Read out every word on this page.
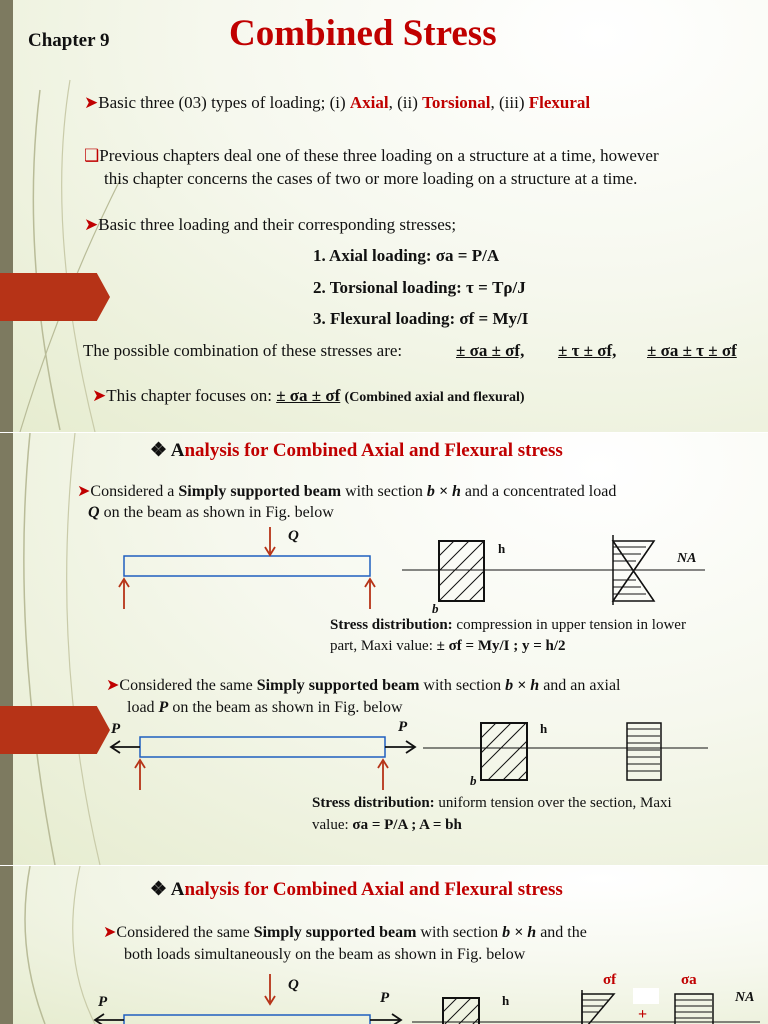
Chapter 9	Combined Stress
➤Basic three (03) types of loading; (i) Axial, (ii) Torsional, (iii) Flexural
❑Previous chapters deal one of these three loading on a structure at a time, however
this chapter concerns the cases of two or more loading on a structure at a time.
➤Basic three loading and their corresponding stresses;
1. Axial loading: σa = P/A
2. Torsional loading: τ = Tρ/J
3. Flexural loading: σf = My/I
The possible combination of these stresses are:	± σa ± σf, ± τ ± σf, ± σa ± τ ± σf
➤This chapter focuses on: ± σa ± σf (Combined axial and flexural)
❖ Analysis for Combined Axial and Flexural stress
➤Considered a Simply supported beam with section b × h and a concentrated load
Q on the beam as shown in Fig. below
Q
h
b
NA
Stress distribution: compression in upper tension in lower
part, Maxi value: ± σf = My/I ; y = h/2
➤Considered the same Simply supported beam with section b × h and an axial
load P on the beam as shown in Fig. below
P	P	h
b
Stress distribution: uniform tension over the section, Maxi
value: σa = P/A ; A = bh
❖ Analysis for Combined Axial and Flexural stress
➤Considered the same Simply supported beam with section b × h and the
both loads simultaneously on the beam as shown in Fig. below
Q
P	P	h
σf	σa
NA
+
